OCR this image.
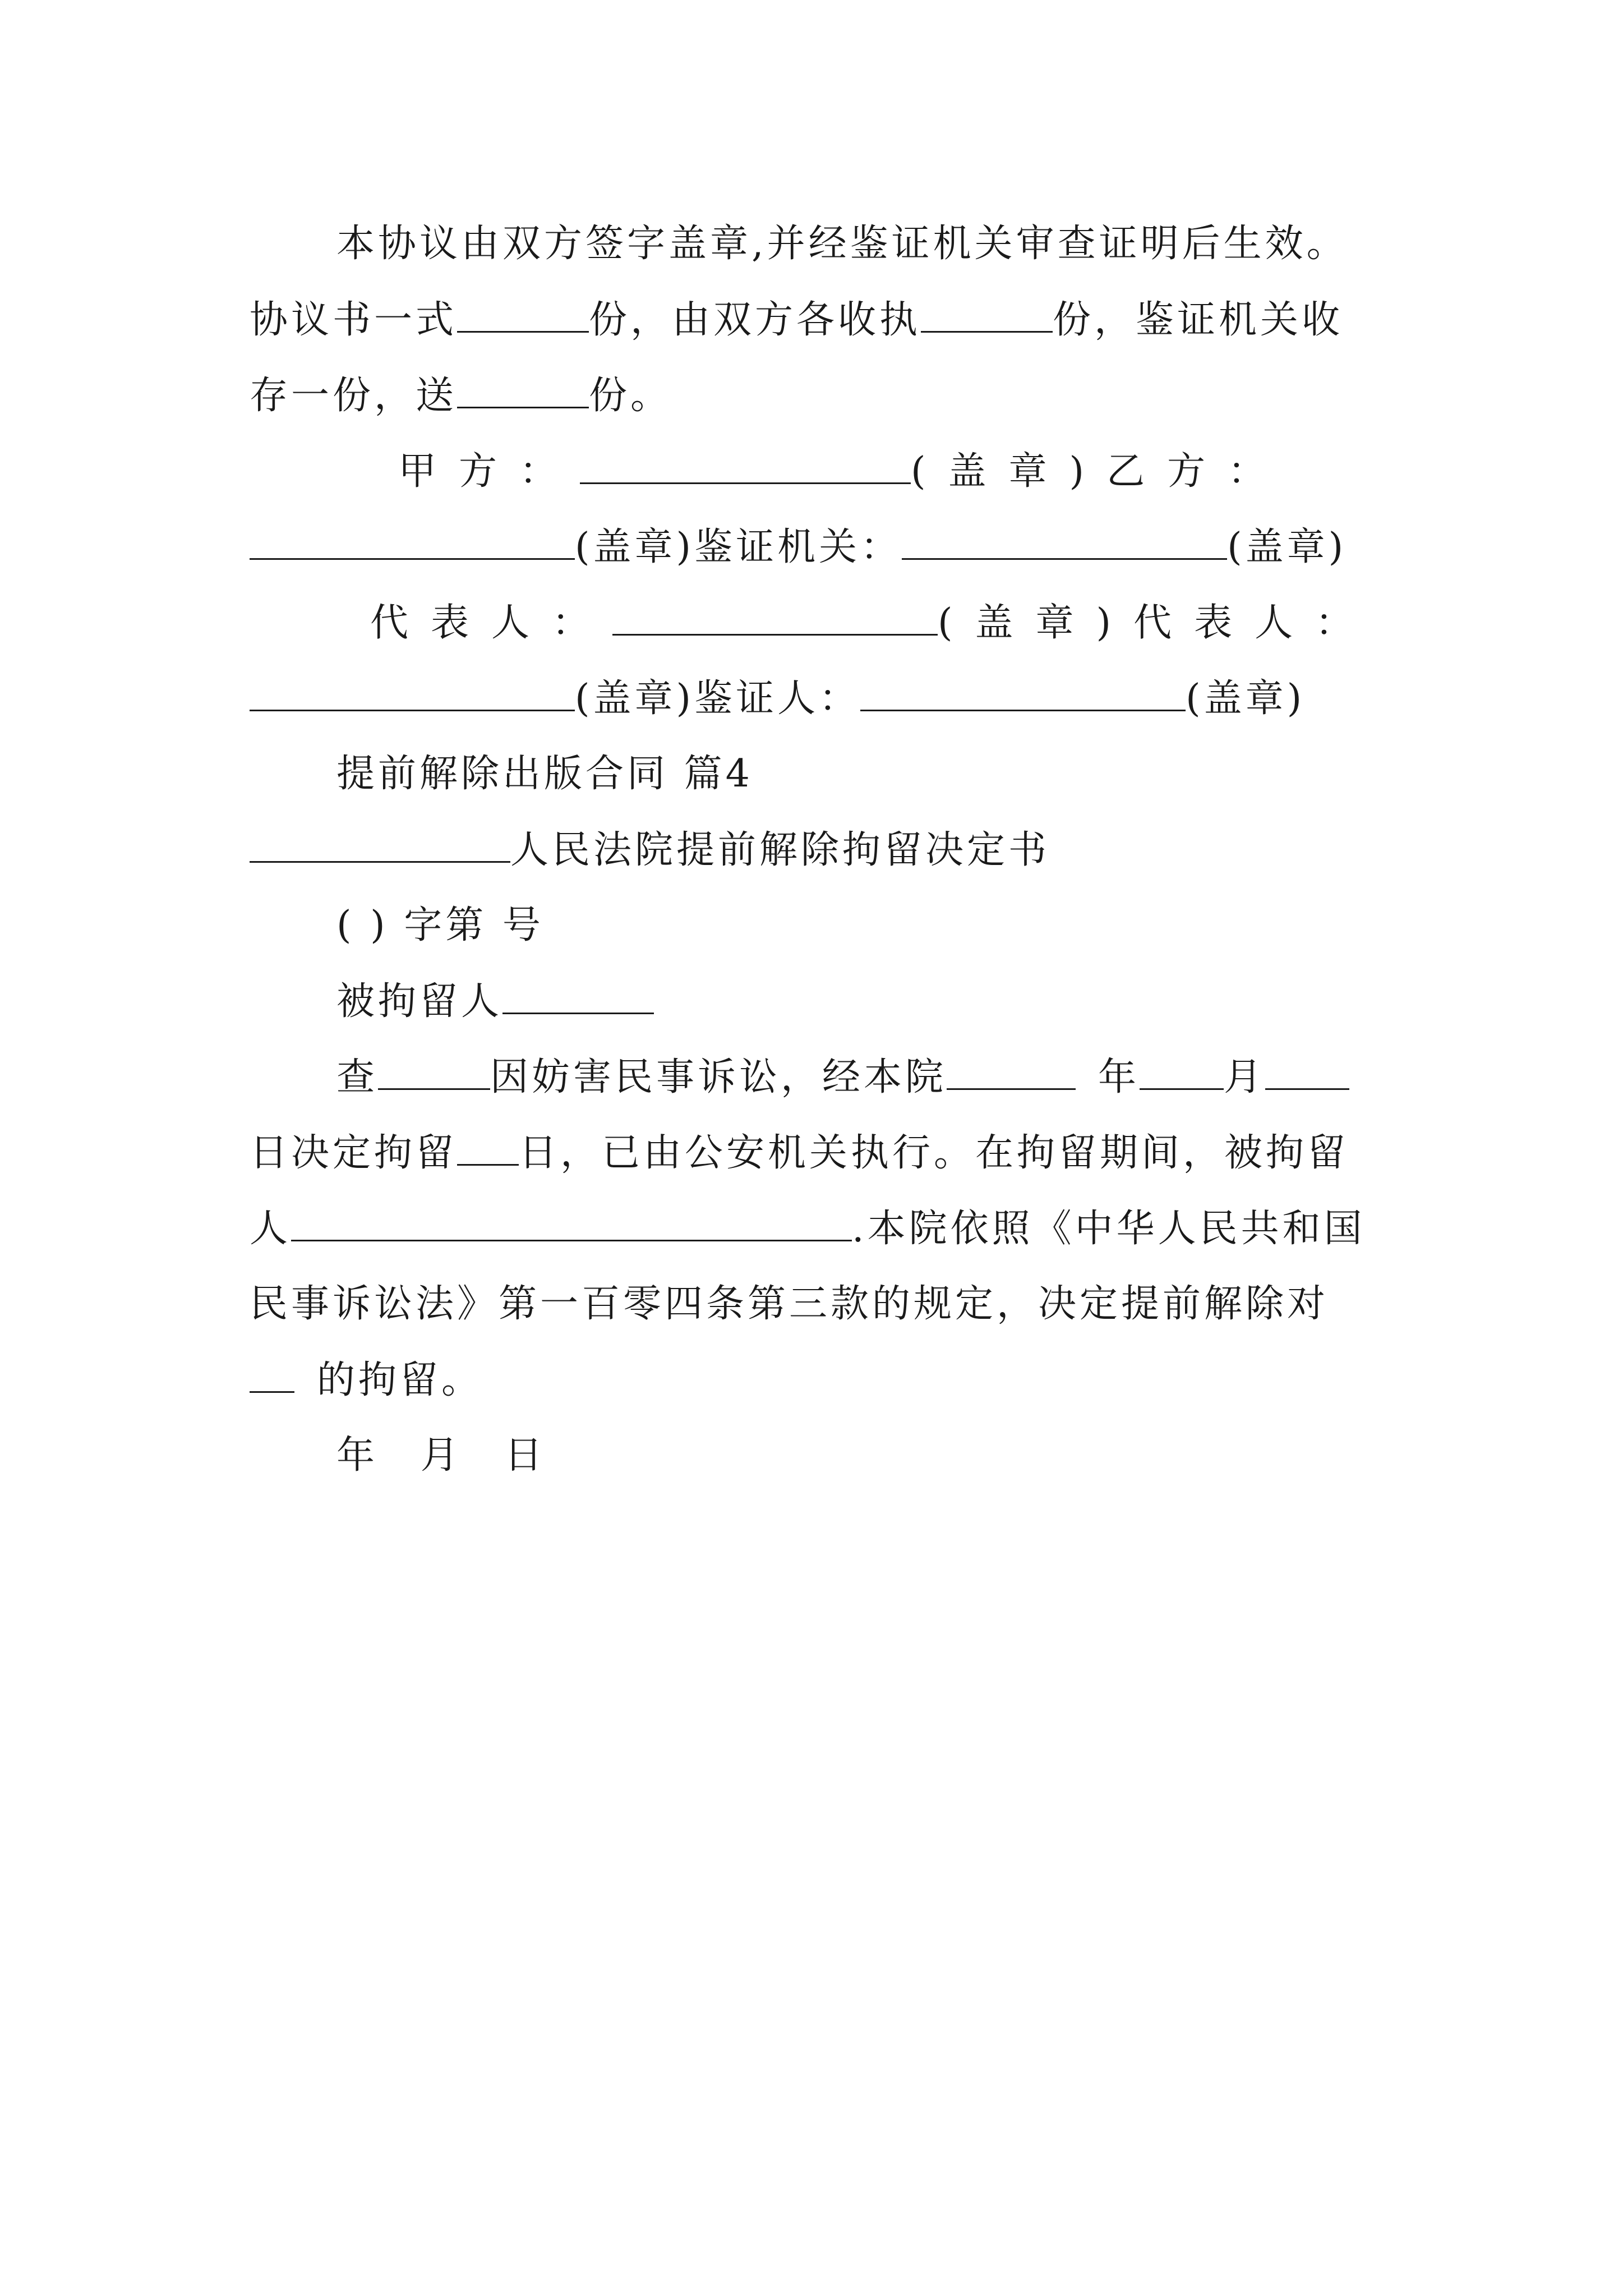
本协议由双方签字盖章,并经鉴证机关审查证明后生效。
协议书一式	份，由双方各收执	份，鉴证机关收
存一份，送	份。
甲方：	(盖章)乙方：
(盖章)鉴证机关：	(盖章)
代表人：	(盖章)代表人：
(盖章)鉴证人：	(盖章)
提前解除出版合同 篇4
人民法院提前解除拘留决定书
( ) 字第 号
被拘留人
查	因妨害民事诉讼，经本院	年 月
日决定拘留 日，已由公安机关执行。在拘留期间，被拘留
人	.本院依照《中华人民共和国
民事诉讼法》第一百零四条第三款的规定，决定提前解除对
的拘留。
年 月 日
